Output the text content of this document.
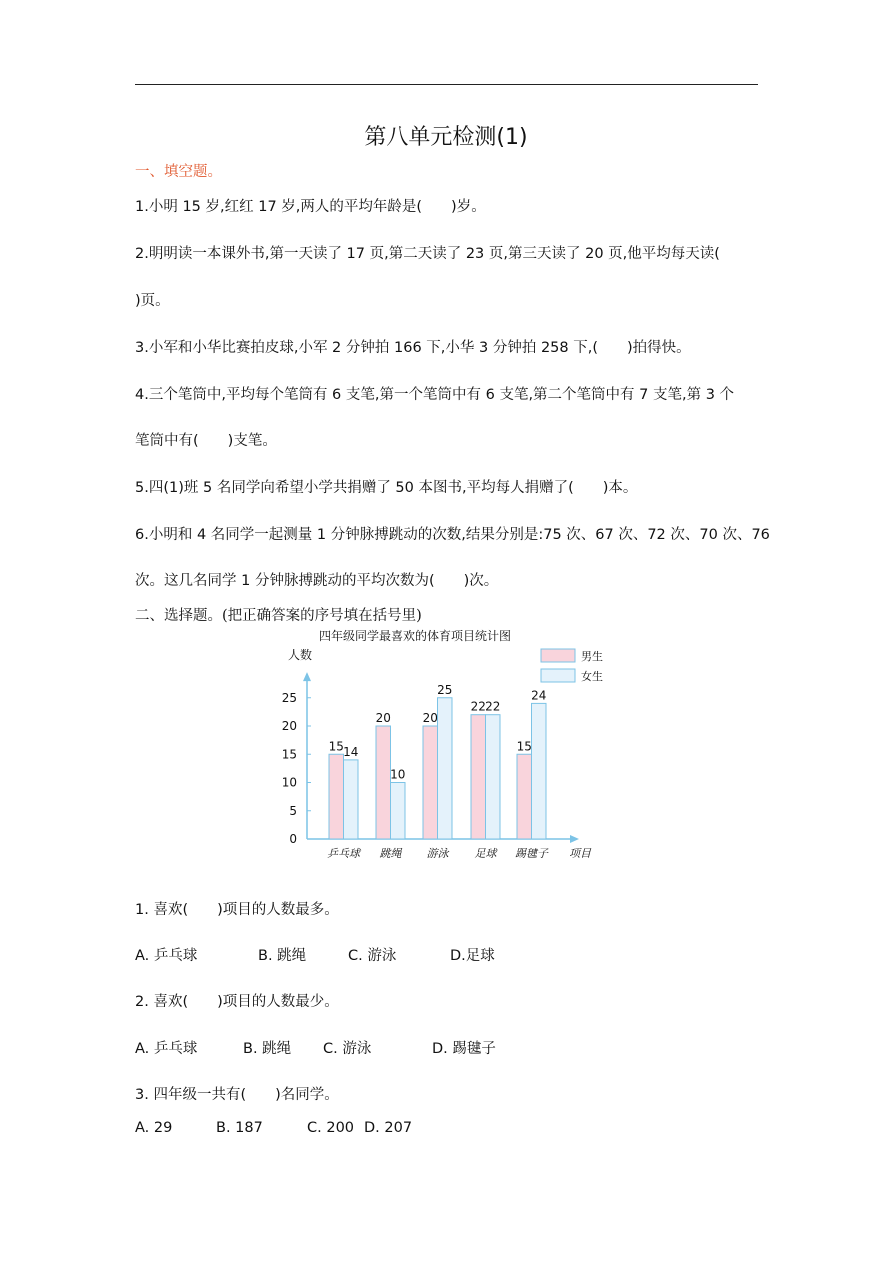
第八单元检测(1)
一、填空题。
1.小明 15 岁,红红 17 岁,两人的平均年龄是(　　)岁。
2.明明读一本课外书,第一天读了 17 页,第二天读了 23 页,第三天读了 20 页,他平均每天读(
)页。
3.小军和小华比赛拍皮球,小军 2 分钟拍 166 下,小华 3 分钟拍 258 下,(　　)拍得快。
4.三个笔筒中,平均每个笔筒有 6 支笔,第一个笔筒中有 6 支笔,第二个笔筒中有 7 支笔,第 3 个
笔筒中有(　　)支笔。
5.四(1)班 5 名同学向希望小学共捐赠了 50 本图书,平均每人捐赠了(　　)本。
6.小明和 4 名同学一起测量 1 分钟脉搏跳动的次数,结果分别是:75 次、67 次、72 次、70 次、76
次。这几名同学 1 分钟脉搏跳动的平均次数为(　　)次。
二、选择题。(把正确答案的序号填在括号里)
四年级同学最喜欢的体育项目统计图
人数
项目
0
5
10
15
20
25
15 14
乒乓球
20
10
跳绳
20
25
游泳
22 22
足球
15
24
踢毽子
男生
女生
1. 喜欢(　　)项目的人数最多。
A. 乒乓球	B. 跳绳	C. 游泳	D.足球
2. 喜欢(　　)项目的人数最少。
A. 乒乓球	B. 跳绳 C. 游泳	D. 踢毽子
3. 四年级一共有(　　)名同学。
A. 29	B. 187	C. 200 D. 207
